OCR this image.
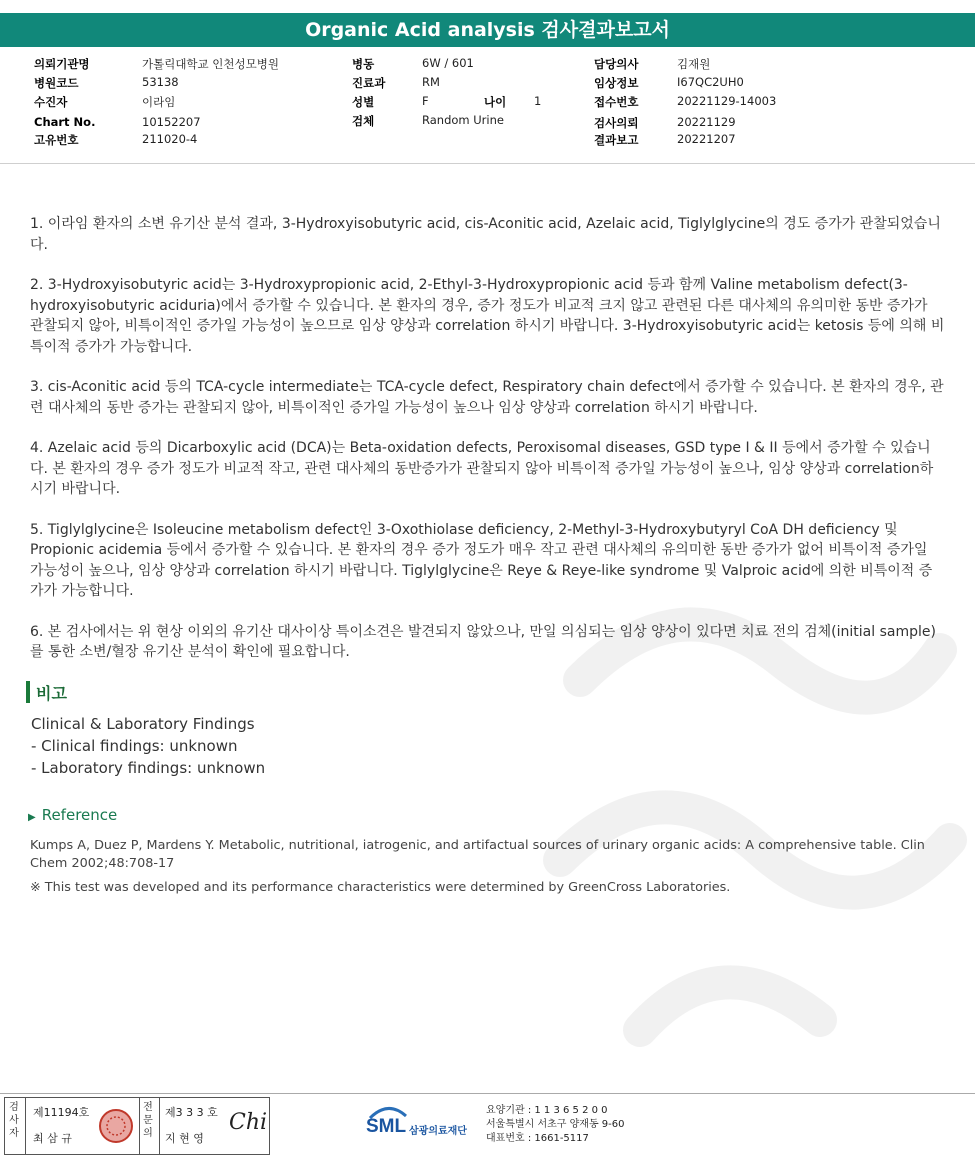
Organic Acid analysis 검사결과보고서
의뢰기관명	가톨릭대학교 인천성모병원
병원코드	53138
수진자	이라임
Chart No.	10152207
고유번호	211020-4
병동	6W / 601
진료과	RM
성별	F	나이 1
검체	Random Urine
담당의사	김재원
임상정보	I67QC2UH0
접수번호	20221129-14003
검사의뢰	20221129
결과보고	20221207

1. 이라임 환자의 소변 유기산 분석 결과, 3-Hydroxyisobutyric acid, cis-Aconitic acid, Azelaic acid, Tiglylglycine의 경도 증가가 관찰되었습니다.

2. 3-Hydroxyisobutyric acid는 3-Hydroxypropionic acid, 2-Ethyl-3-Hydroxypropionic acid 등과 함께 Valine metabolism defect(3-hydroxyisobutyric aciduria)에서 증가할 수 있습니다. 본 환자의 경우, 증가 정도가 비교적 크지 않고 관련된 다른 대사체의 유의미한 동반 증가가 관찰되지 않아, 비특이적인 증가일 가능성이 높으므로 임상 양상과 correlation 하시기 바랍니다. 3-Hydroxyisobutyric acid는 ketosis 등에 의해 비특이적 증가가 가능합니다.

3. cis-Aconitic acid 등의 TCA-cycle intermediate는 TCA-cycle defect, Respiratory chain defect에서 증가할 수 있습니다. 본 환자의 경우, 관련 대사체의 동반 증가는 관찰되지 않아, 비특이적인 증가일 가능성이 높으나 임상 양상과 correlation 하시기 바랍니다.

4. Azelaic acid 등의 Dicarboxylic acid (DCA)는 Beta-oxidation defects, Peroxisomal diseases, GSD type I & II 등에서 증가할 수 있습니다. 본 환자의 경우 증가 정도가 비교적 작고, 관련 대사체의 동반증가가 관찰되지 않아 비특이적 증가일 가능성이 높으나, 임상 양상과 correlation하시기 바랍니다.

5. Tiglylglycine은 Isoleucine metabolism defect인 3-Oxothiolase deficiency, 2-Methyl-3-Hydroxybutyryl CoA DH deficiency 및 Propionic acidemia 등에서 증가할 수 있습니다. 본 환자의 경우 증가 정도가 매우 작고 관련 대사체의 유의미한 동반 증가가 없어 비특이적 증가일 가능성이 높으나, 임상 양상과 correlation 하시기 바랍니다. Tiglylglycine은 Reye & Reye-like syndrome 및 Valproic acid에 의한 비특이적 증가가 가능합니다.

6. 본 검사에서는 위 현상 이외의 유기산 대사이상 특이소견은 발견되지 않았으나, 만일 의심되는 임상 양상이 있다면 치료 전의 검체(initial sample)를 통한 소변/혈장 유기산 분석이 확인에 필요합니다.

비고
Clinical & Laboratory Findings
- Clinical findings: unknown
- Laboratory findings: unknown
▶ Reference
Kumps A, Duez P, Mardens Y. Metabolic, nutritional, iatrogenic, and artifactual sources of urinary organic acids: A comprehensive table. Clin Chem 2002;48:708-17
※ This test was developed and its performance characteristics were determined by GreenCross Laboratories.
검사자
제11194호
최 삼 규
전문의
제3 3 3 호
지 현 영
Chi	SML 삼광의료재단
요양기관 : 1 1 3 6 5 2 0 0
서울특별시 서초구 양재동 9-60
대표번호 : 1661-5117
